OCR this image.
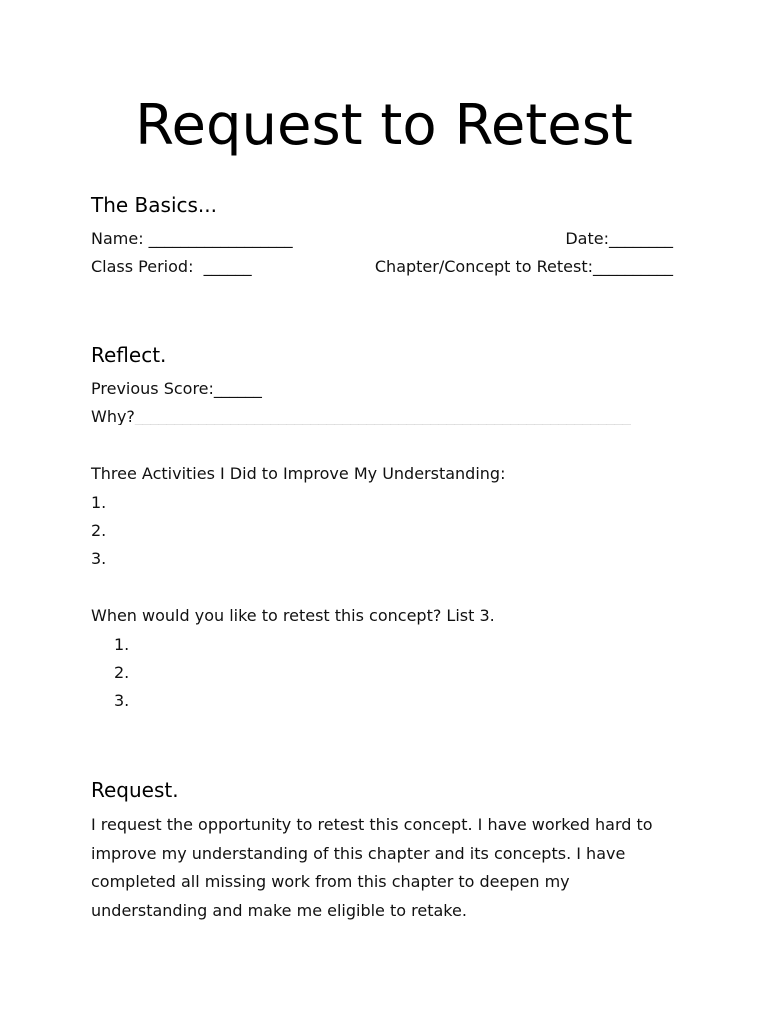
Request to Retest
The Basics...

Name: __________________	Date:________

Class Period:  ______	Chapter/Concept to Retest:__________

Reflect.

Previous Score:______

Why?______________________________________________________________

Three Activities I Did to Improve My Understanding:

1.

2.

3.

When would you like to retest this concept? List 3.

1.

2.

3.

Request.

I request the opportunity to retest this concept. I have worked hard to improve my understanding of this chapter and its concepts. I have completed all missing work from this chapter to deepen my understanding and make me eligible to retake.
